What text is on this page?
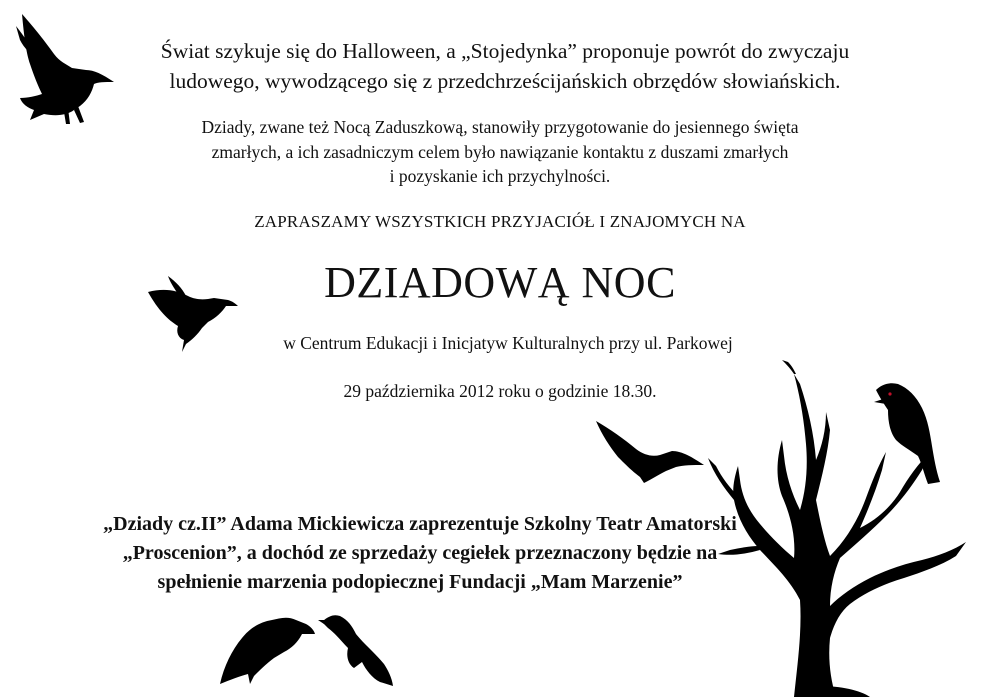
Świat szykuje się do Halloween, a „Stojedynka” proponuje powrót do zwyczaju
ludowego, wywodzącego się z przedchrześcijańskich obrzędów słowiańskich.
Dziady, zwane też Nocą Zaduszkową, stanowiły przygotowanie do jesiennego święta
zmarłych, a ich zasadniczym celem było nawiązanie kontaktu z duszami zmarłych
i pozyskanie ich przychylności.
ZAPRASZAMY WSZYSTKICH PRZYJACIÓŁ I ZNAJOMYCH NA
DZIADOWĄ NOC
w Centrum Edukacji i Inicjatyw Kulturalnych przy ul. Parkowej
29 października 2012 roku o godzinie 18.30.
„Dziady cz.II” Adama Mickiewicza zaprezentuje Szkolny Teatr Amatorski
„Proscenion”, a dochód ze sprzedaży cegiełek przeznaczony będzie na
spełnienie marzenia podopiecznej Fundacji „Mam Marzenie”
